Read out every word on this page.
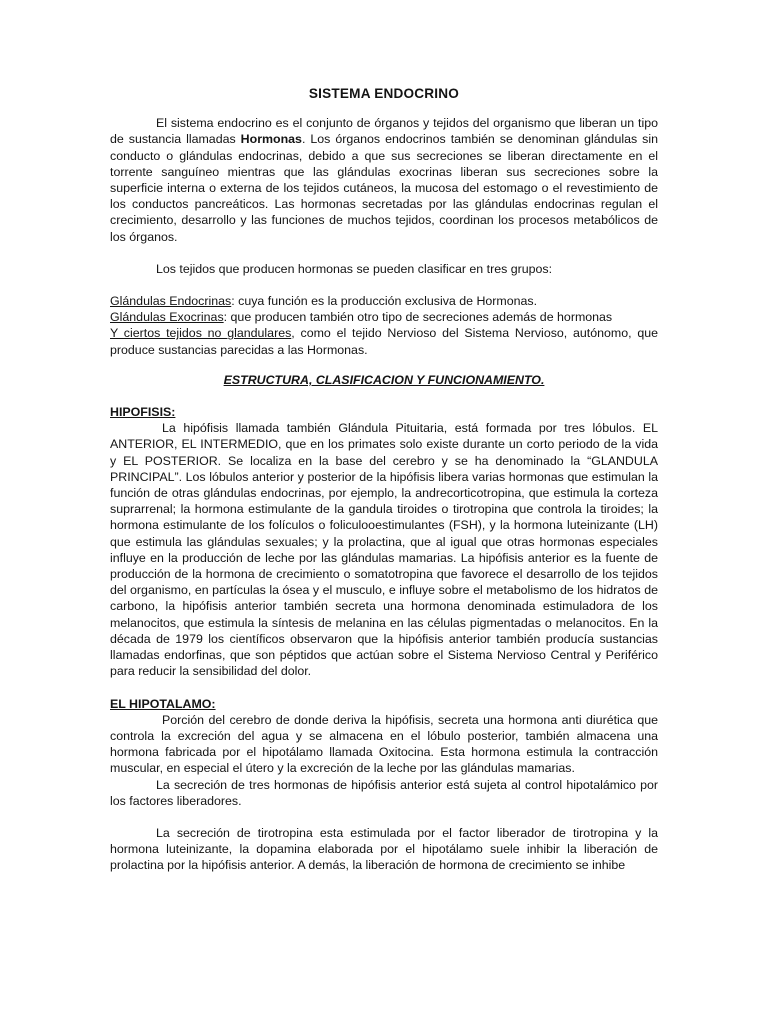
SISTEMA ENDOCRINO

El sistema endocrino es el conjunto de órganos y tejidos del organismo que liberan un tipo de sustancia llamadas Hormonas. Los órganos endocrinos también se denominan glándulas sin conducto o glándulas endocrinas, debido a que sus secreciones se liberan directamente en el torrente sanguíneo mientras que las glándulas exocrinas liberan sus secreciones sobre la superficie interna o externa de los tejidos cutáneos, la mucosa del estomago o el revestimiento de los conductos pancreáticos. Las hormonas secretadas por las glándulas endocrinas regulan el crecimiento, desarrollo y las funciones de muchos tejidos, coordinan los procesos metabólicos de los órganos.

Los tejidos que producen hormonas se pueden clasificar en tres grupos:

Glándulas Endocrinas: cuya función es la producción exclusiva de Hormonas.

Glándulas Exocrinas: que producen también otro tipo de secreciones además de hormonas

Y ciertos tejidos no glandulares, como el tejido Nervioso del Sistema Nervioso, autónomo, que produce sustancias parecidas a las Hormonas.

ESTRUCTURA, CLASIFICACION Y FUNCIONAMIENTO.

HIPOFISIS:

La hipófisis llamada también Glándula Pituitaria, está formada por tres lóbulos. EL ANTERIOR, EL INTERMEDIO, que en los primates solo existe durante un corto periodo de la vida y EL POSTERIOR. Se localiza en la base del cerebro y se ha denominado la “GLANDULA PRINCIPAL”. Los lóbulos anterior y posterior de la hipófisis libera varias hormonas que estimulan la función de otras glándulas endocrinas, por ejemplo, la andrecorticotropina, que estimula la corteza suprarrenal; la hormona estimulante de la gandula tiroides o tirotropina que controla la tiroides; la hormona estimulante de los folículos o foliculooestimulantes (FSH), y la hormona luteinizante (LH) que estimula las glándulas sexuales; y la prolactina, que al igual que otras hormonas especiales influye en la producción de leche por las glándulas mamarias. La hipófisis anterior es la fuente de producción de la hormona de crecimiento o somatotropina que favorece el desarrollo de los tejidos del organismo, en partículas la ósea y el musculo, e influye sobre el metabolismo de los hidratos de carbono, la hipófisis anterior también secreta una hormona denominada estimuladora de los melanocitos, que estimula la síntesis de melanina en las células pigmentadas o melanocitos. En la década de 1979 los científicos observaron que la hipófisis anterior también producía sustancias llamadas endorfinas, que son péptidos que actúan sobre el Sistema Nervioso Central y Periférico para reducir la sensibilidad del dolor.

EL HIPOTALAMO:

Porción del cerebro de donde deriva la hipófisis, secreta una hormona anti diurética que controla la excreción del agua y se almacena en el lóbulo posterior, también almacena una hormona fabricada por el hipotálamo llamada Oxitocina. Esta hormona estimula la contracción muscular, en especial el útero y la excreción de la leche por las glándulas mamarias.

La secreción de tres hormonas de hipófisis anterior está sujeta al control hipotalámico por los factores liberadores.

La secreción de tirotropina esta estimulada por el factor liberador de tirotropina y la hormona luteinizante, la dopamina elaborada por el hipotálamo suele inhibir la liberación de prolactina por la hipófisis anterior. A demás, la liberación de hormona de crecimiento se inhibe
